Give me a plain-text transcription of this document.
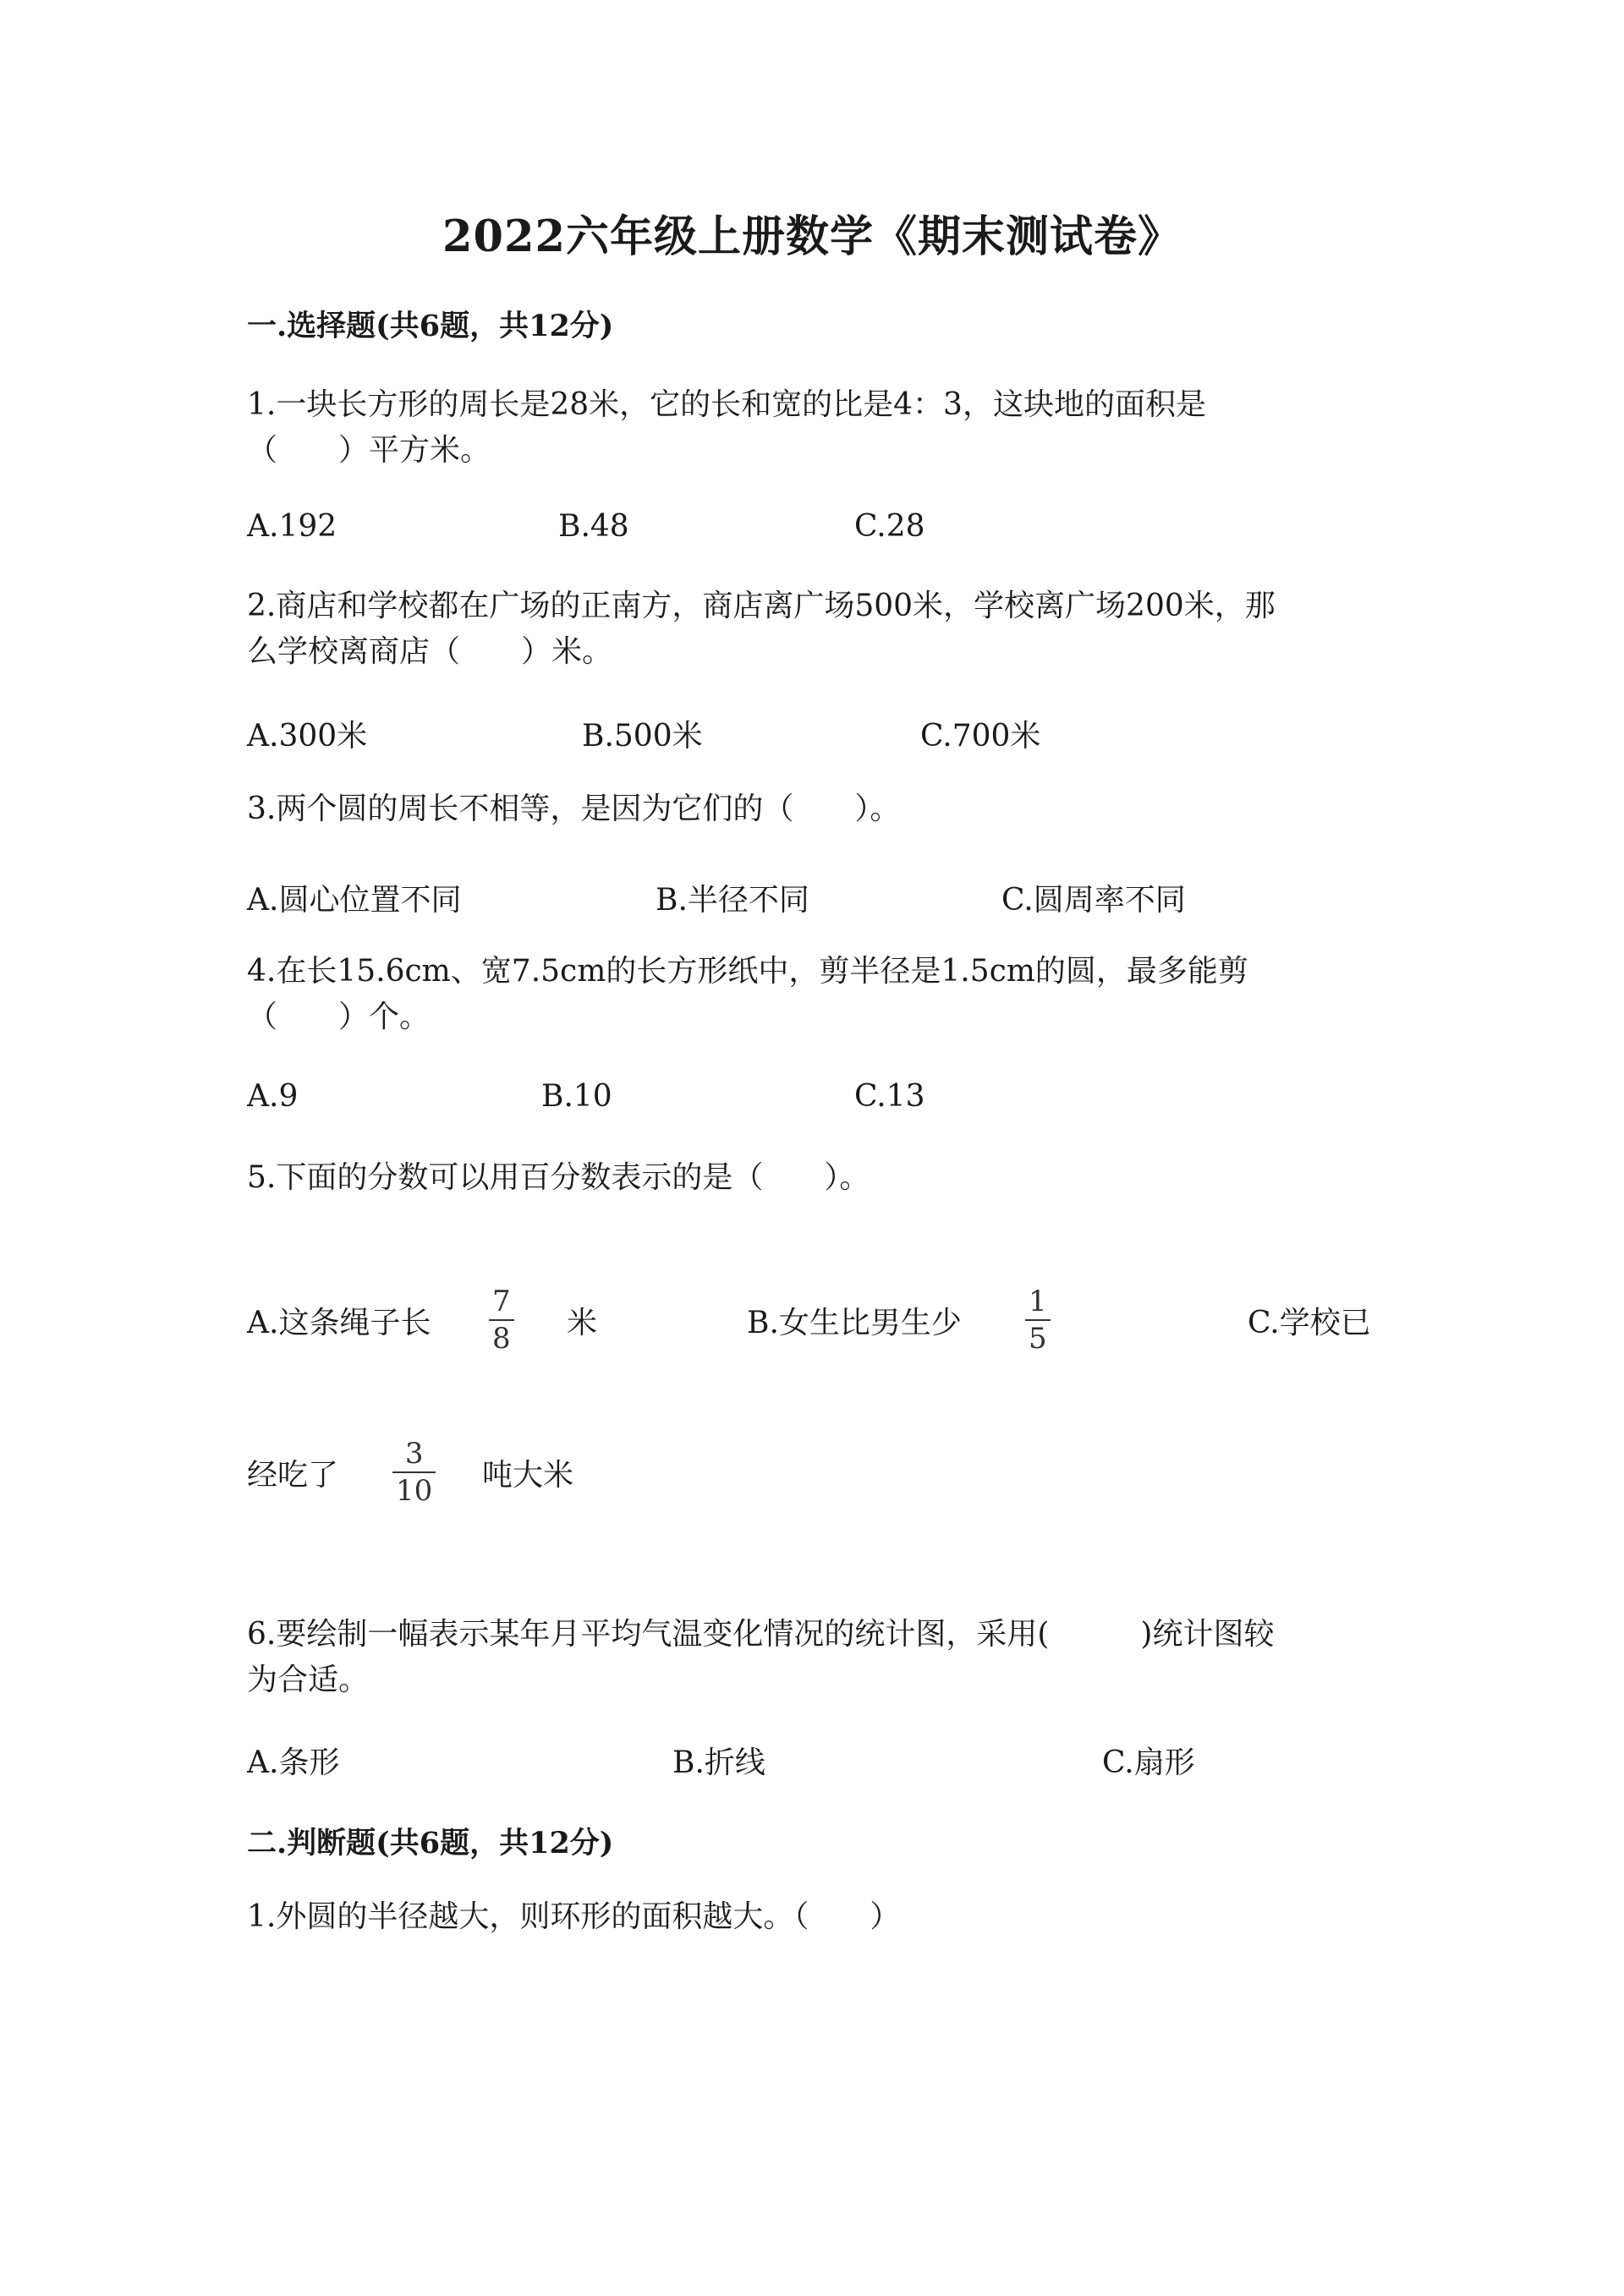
2022六年级上册数学《期末测试卷》
一.选择题(共6题，共12分)
1.一块长方形的周长是28米，它的长和宽的比是4：3，这块地的面积是
（　　）平方米。
A.192	B.48	C.28
2.商店和学校都在广场的正南方，商店离广场500米，学校离广场200米，那
么学校离商店（　　）米。
A.300米	B.500米	C.700米
3.两个圆的周长不相等，是因为它们的（　　）。
A.圆心位置不同	B.半径不同	C.圆周率不同
4.在长15.6cm、宽7.5cm的长方形纸中，剪半径是1.5cm的圆，最多能剪
（　　）个。
A.9	B.10	C.13
5.下面的分数可以用百分数表示的是（　　）。
A.这条绳子长
7
8 米	B.女生比男生少
1
5	C.学校已
经吃了
3
10 吨大米
6.要绘制一幅表示某年月平均气温变化情况的统计图，采用(　　　)统计图较
为合适。
A.条形	B.折线	C.扇形
二.判断题(共6题，共12分)
1.外圆的半径越大，则环形的面积越大。（　　）
